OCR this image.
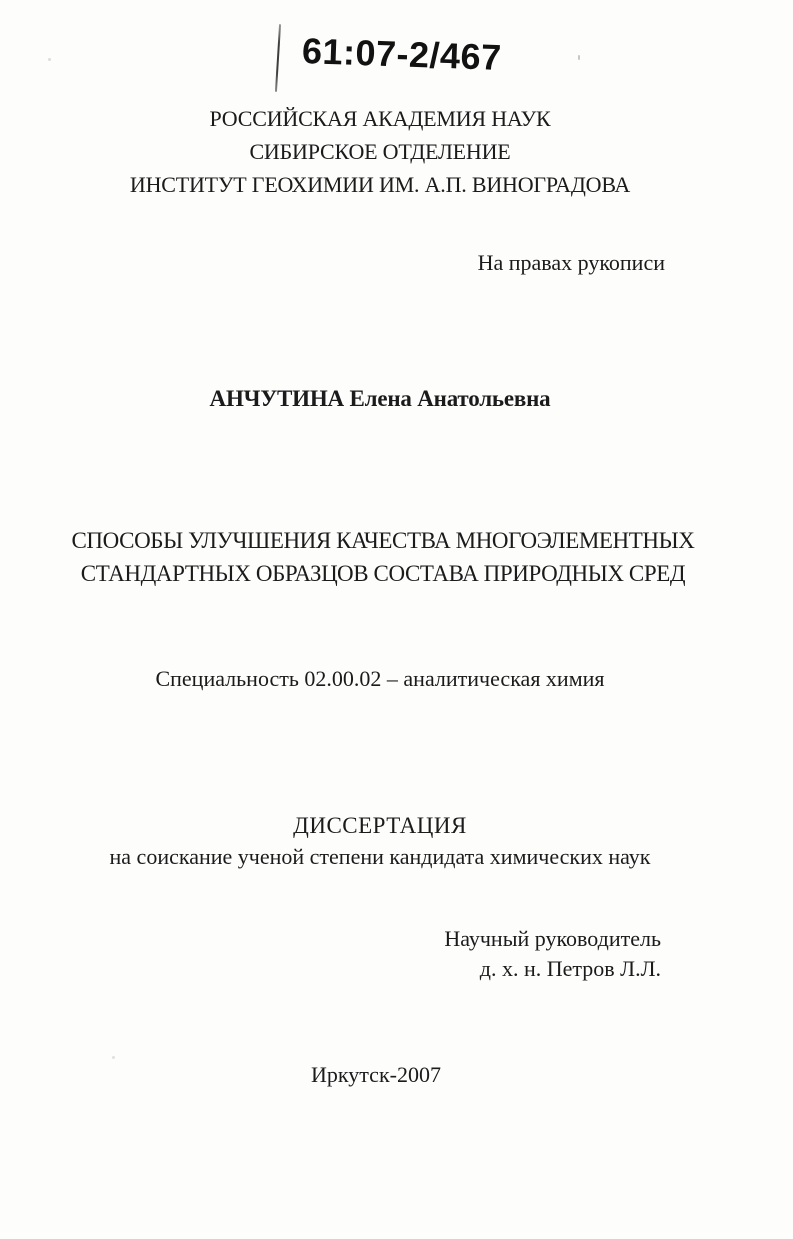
61:07-2/467
РОССИЙСКАЯ АКАДЕМИЯ НАУК
СИБИРСКОЕ ОТДЕЛЕНИЕ
ИНСТИТУТ ГЕОХИМИИ ИМ. А.П. ВИНОГРАДОВА
На правах рукописи
АНЧУТИНА Елена Анатольевна
СПОСОБЫ УЛУЧШЕНИЯ КАЧЕСТВА МНОГОЭЛЕМЕНТНЫХ
СТАНДАРТНЫХ ОБРАЗЦОВ СОСТАВА ПРИРОДНЫХ СРЕД
Специальность 02.00.02 – аналитическая химия
ДИССЕРТАЦИЯ
на соискание ученой степени кандидата химических наук
Научный руководитель
д. х. н. Петров Л.Л.
Иркутск-2007
